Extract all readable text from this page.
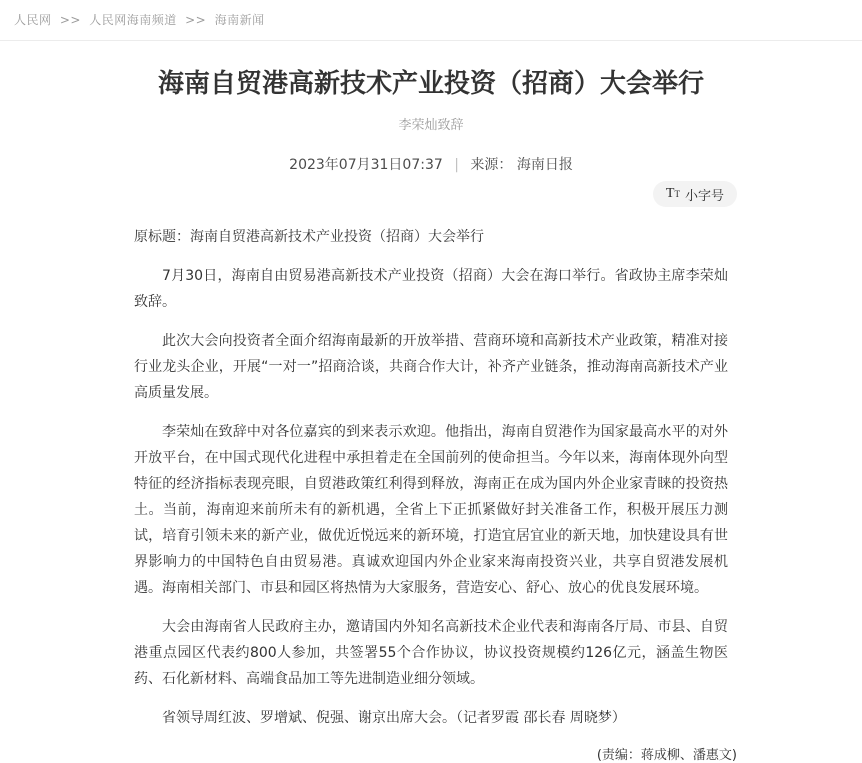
人民网 >> 人民网海南频道 >> 海南新闻
海南自贸港高新技术产业投资（招商）大会举行
李荣灿致辞
2023年07月31日07:37 | 来源： 海南日报
T T 小字号

原标题：海南自贸港高新技术产业投资（招商）大会举行

7月30日，海南自由贸易港高新技术产业投资（招商）大会在海口举行。省政协主席李荣灿致辞。

此次大会向投资者全面介绍海南最新的开放举措、营商环境和高新技术产业政策，精准对接行业龙头企业，开展“一对一”招商洽谈，共商合作大计，补齐产业链条，推动海南高新技术产业高质量发展。

李荣灿在致辞中对各位嘉宾的到来表示欢迎。他指出，海南自贸港作为国家最高水平的对外开放平台，在中国式现代化进程中承担着走在全国前列的使命担当。今年以来，海南体现外向型特征的经济指标表现亮眼，自贸港政策红利得到释放，海南正在成为国内外企业家青睐的投资热土。当前，海南迎来前所未有的新机遇，全省上下正抓紧做好封关准备工作，积极开展压力测试，培育引领未来的新产业，做优近悦远来的新环境，打造宜居宜业的新天地，加快建设具有世界影响力的中国特色自由贸易港。真诚欢迎国内外企业家来海南投资兴业，共享自贸港发展机遇。海南相关部门、市县和园区将热情为大家服务，营造安心、舒心、放心的优良发展环境。

大会由海南省人民政府主办，邀请国内外知名高新技术企业代表和海南各厅局、市县、自贸港重点园区代表约800人参加，共签署55个合作协议，协议投资规模约126亿元，涵盖生物医药、石化新材料、高端食品加工等先进制造业细分领域。

省领导周红波、罗增斌、倪强、谢京出席大会。（记者罗霞 邵长春 周晓梦）

(责编：蒋成柳、潘惠文)
